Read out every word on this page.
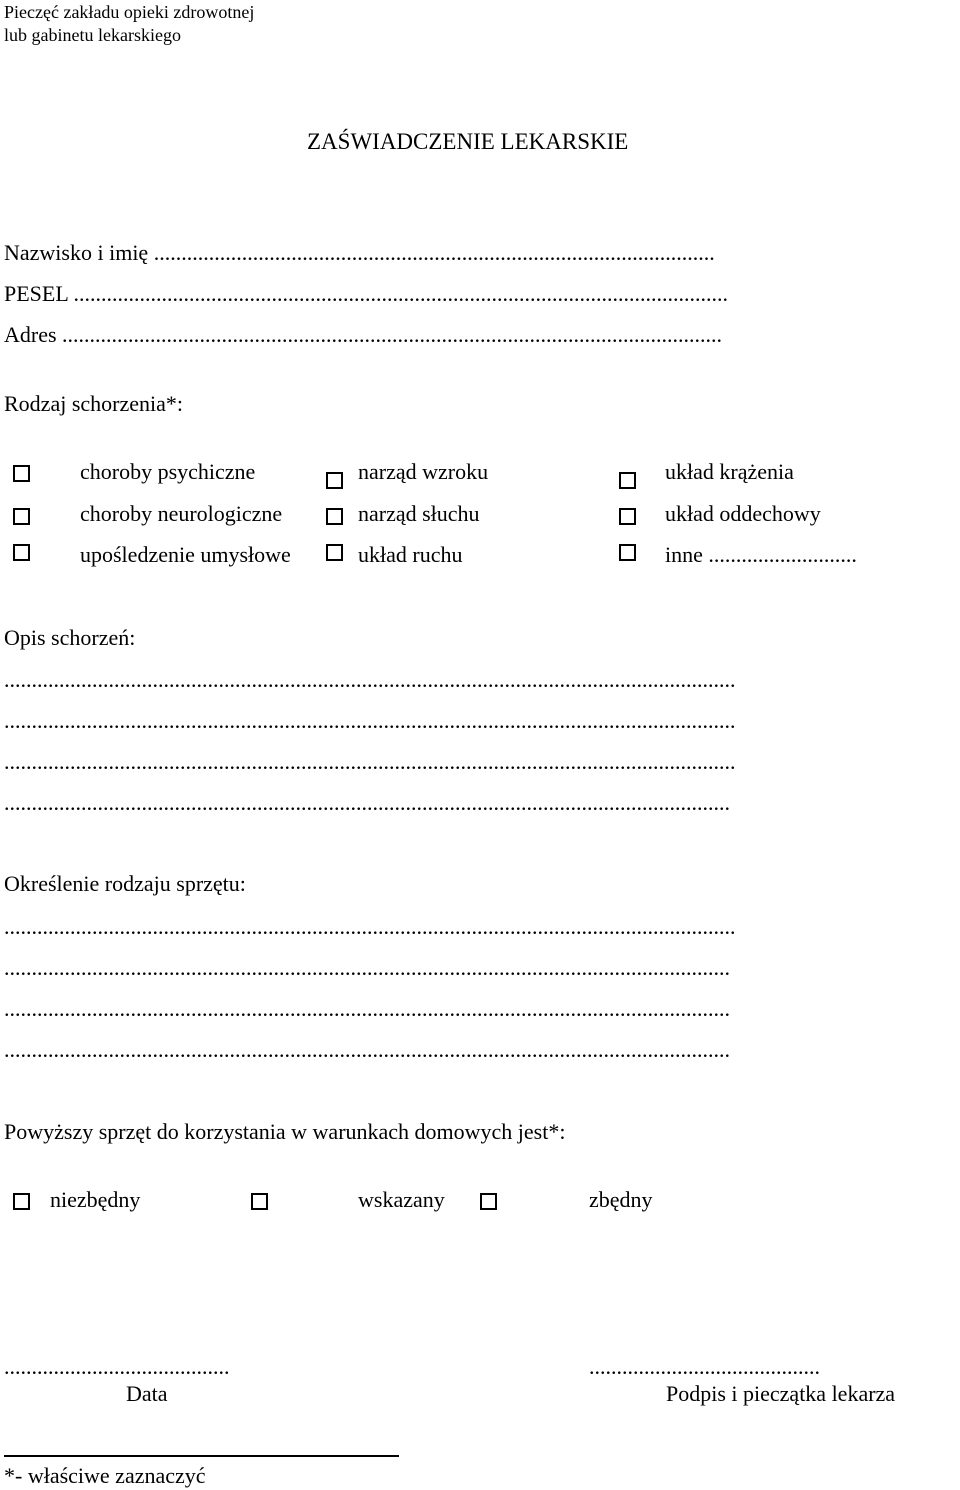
Pieczęć zakładu opieki zdrowotnej
lub gabinetu lekarskiego
ZAŚWIADCZENIE LEKARSKIE
Nazwisko i imię ......................................................................................................
PESEL .......................................................................................................................
Adres ........................................................................................................................
Rodzaj schorzenia*:
choroby psychiczne	narząd wzroku	układ krążenia
choroby neurologiczne	narząd słuchu	układ oddechowy
upośledzenie umysłowe	układ ruchu	inne ...........................
Opis schorzeń:
.....................................................................................................................................
.....................................................................................................................................
.....................................................................................................................................
....................................................................................................................................
Określenie rodzaju sprzętu:
.....................................................................................................................................
....................................................................................................................................
....................................................................................................................................
....................................................................................................................................
Powyższy sprzęt do korzystania w warunkach domowych jest*:
niezbędny	wskazany	zbędny
.........................................
Data
..........................................
Podpis i pieczątka lekarza
*- właściwe zaznaczyć
